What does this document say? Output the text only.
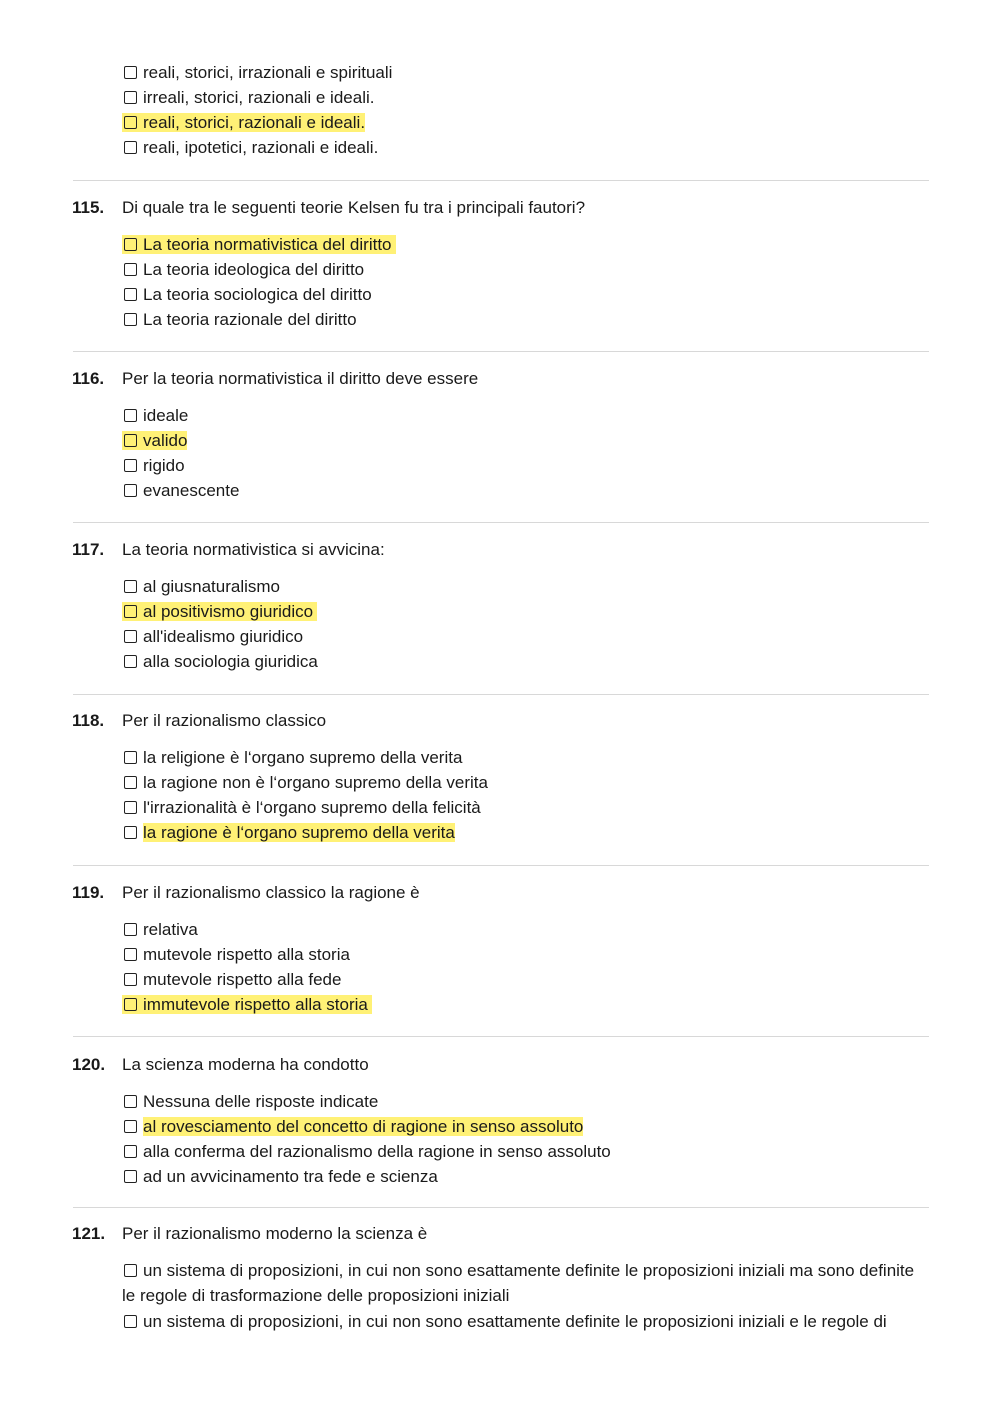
reali, storici, irrazionali e spirituali
irreali, storici, razionali e ideali.
reali, storici, razionali e ideali.
reali, ipotetici, razionali e ideali.
115. Di quale tra le seguenti teorie Kelsen fu tra i principali fautori?
La teoria normativistica del diritto
La teoria ideologica del diritto
La teoria sociologica del diritto
La teoria razionale del diritto
116. Per la teoria normativistica il diritto deve essere
ideale
valido
rigido
evanescente
117. La teoria normativistica si avvicina:
al giusnaturalismo
al positivismo giuridico
all'idealismo giuridico
alla sociologia giuridica
118. Per il razionalismo classico
la religione è l‘organo supremo della verita
la ragione non è l‘organo supremo della verita
l'irrazionalità è l‘organo supremo della felicità
la ragione è l‘organo supremo della verita
119. Per il razionalismo classico la ragione è
relativa
mutevole rispetto alla storia
mutevole rispetto alla fede
immutevole rispetto alla storia
120. La scienza moderna ha condotto
Nessuna delle risposte indicate
al rovesciamento del concetto di ragione in senso assoluto
alla conferma del razionalismo della ragione in senso assoluto
ad un avvicinamento tra fede e scienza
121. Per il razionalismo moderno la scienza è
un sistema di proposizioni, in cui non sono esattamente definite le proposizioni iniziali ma sono definite le regole di trasformazione delle proposizioni iniziali
un sistema di proposizioni, in cui non sono esattamente definite le proposizioni iniziali e le regole di
